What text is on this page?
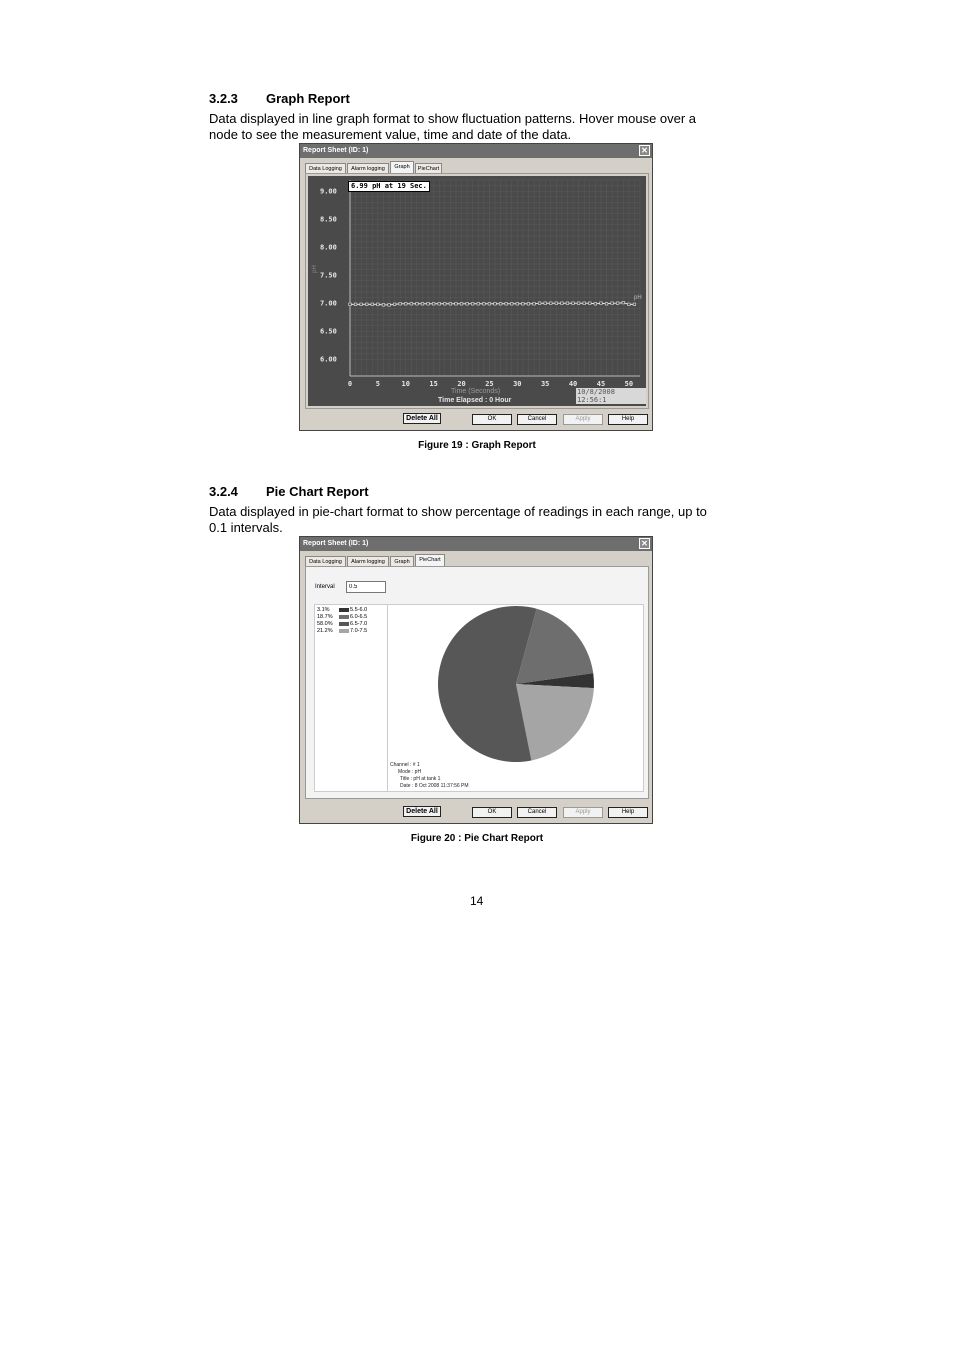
3.2.3 Graph Report
Data displayed in line graph format to show fluctuation patterns. Hover mouse over a
node to see the measurement value, time and date of the data.
Report Sheet (ID: 1)	✕
Data Logging	Alarm logging	Graph	PieChart
6.00
6.50
7.00
7.50
8.00
8.50
9.00
0	5	10	15	20	25	30	35	40	45	50
6.99 pH at 19 Sec.
pH
Time (Seconds)
Time Elapsed : 0 Hour
10/8/2008 12:56:1
pH
Delete All	OK	Cancel	Apply	Help
Figure 19 : Graph Report
3.2.4 Pie Chart Report
Data displayed in pie-chart format to show percentage of readings in each range, up to
0.1 intervals.
Report Sheet (ID: 1)	✕
Data Logging	Alarm logging	Graph	PieChart
Interval
0.5
3.1%	5.5-6.0
18.7%	6.0-6.5
58.0%	6.5-7.0
21.2%	7.0-7.5
Channel : # 1
Mode : pH
Title : pH at tank 1
Date : 8 Oct 2008 11:37:56 PM
Delete All	OK	Cancel	Apply	Help
Figure 20 : Pie Chart Report
14
